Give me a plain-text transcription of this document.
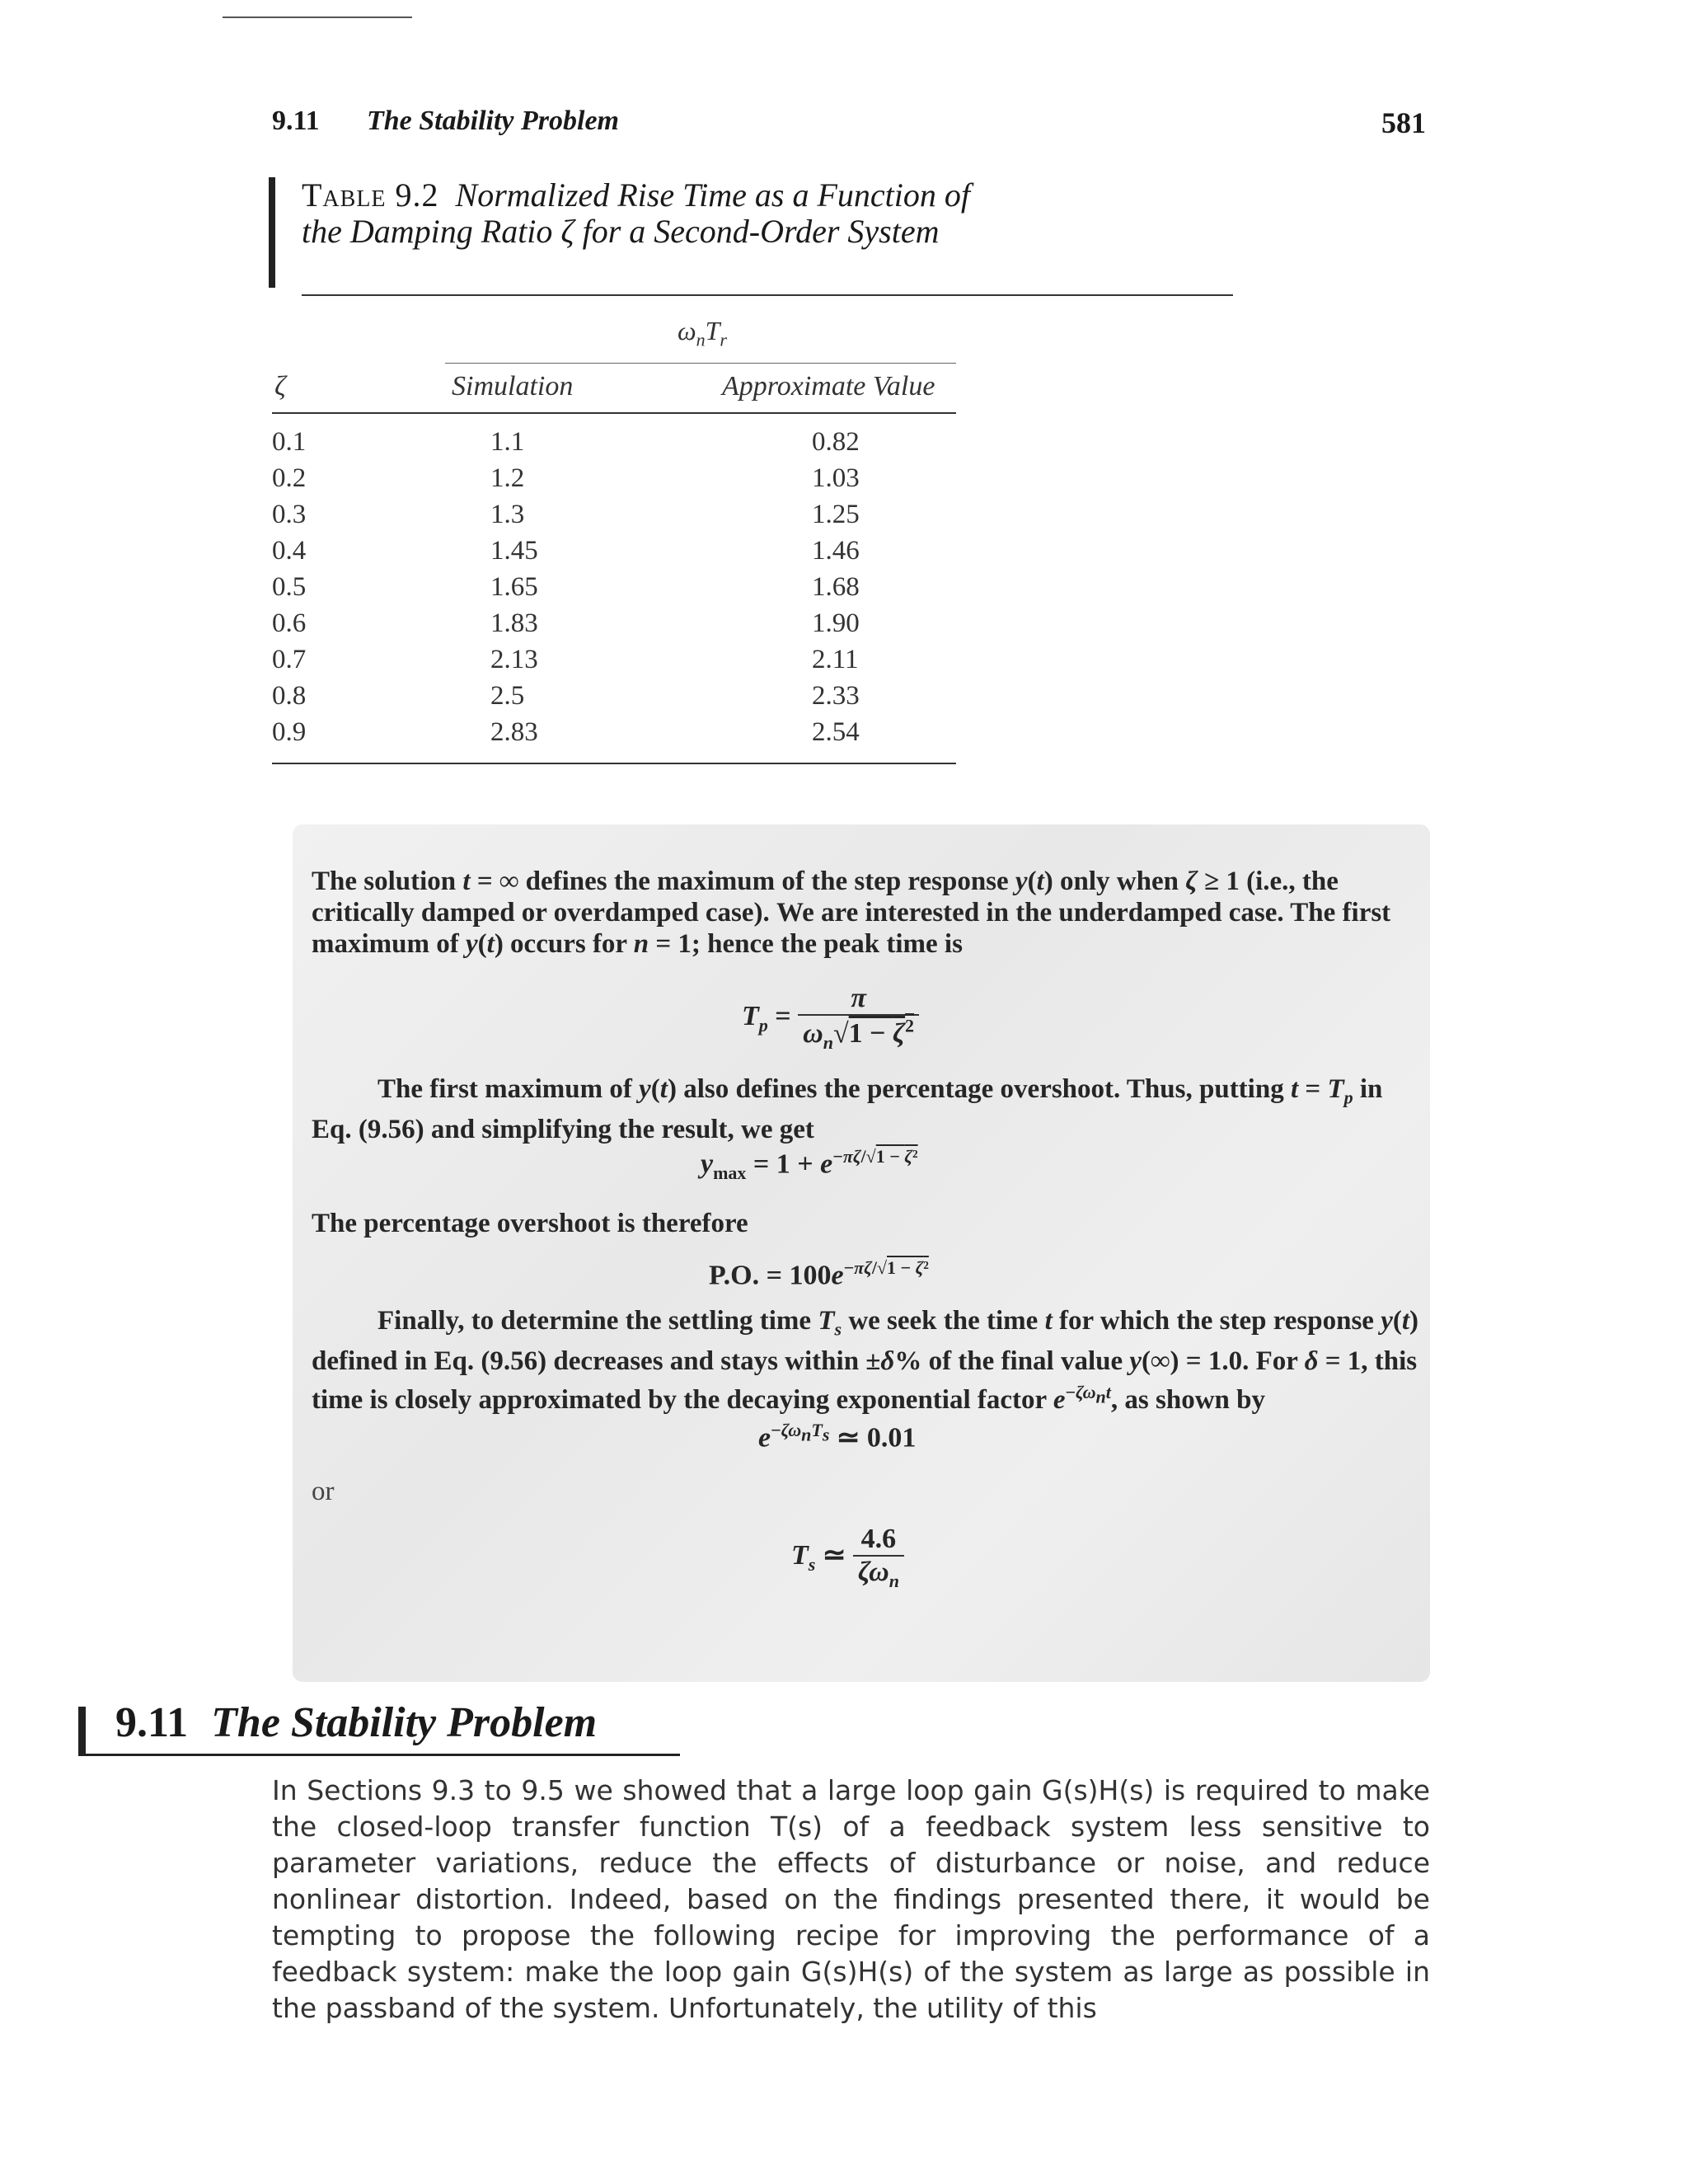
9.11 The Stability Problem	581
Table 9.2 Normalized Rise Time as a Function of the Damping Ratio ζ for a Second-Order System
$\omega_nT_r$
ζ	Simulation	Approximate Value
0.1	1.1	0.82
0.2	1.2	1.03
0.3	1.3	1.25
0.4	1.45	1.46
0.5	1.65	1.68
0.6	1.83	1.90
0.7	2.13	2.11
0.8	2.5	2.33
0.9	2.83	2.54
The solution t = ∞ defines the maximum of the step response y(t) only when ζ ≥ 1 (i.e., the critically damped or overdamped case). We are interested in the underdamped case. The first maximum of y(t) occurs for n = 1; hence the peak time is
$T_p = \frac{\pi}{\omega_n√1 - \zeta^2}$
The first maximum of y(t) also defines the percentage overshoot. Thus, putting $t = T_p$ in Eq. (9.56) and simplifying the result, we get
$y_{max} = 1 + e^{-\pi\zeta/√1 - \zeta^2}$
The percentage overshoot is therefore
P.O. = $100e^{-\pi\zeta/√1 - \zeta^2}$
Finally, to determine the settling time $T_s$ we seek the time t for which the step response y(t) defined in Eq. (9.56) decreases and stays within ±δ% of the final value y(∞) = 1.0. For δ = 1, this time is closely approximated by the decaying exponential factor $e^{-\zeta\omega_nt}$, as shown by
$e^{-\zeta\omega_nT_s}$ ≃ 0.01
or
$T_s$ ≃ $\frac{4.6}{\zeta\omega_n}$
9.11 The Stability Problem
In Sections 9.3 to 9.5 we showed that a large loop gain G(s)H(s) is required to make the closed-loop transfer function T(s) of a feedback system less sensitive to parameter variations, reduce the effects of disturbance or noise, and reduce nonlinear distortion. Indeed, based on the findings presented there, it would be tempting to propose the following recipe for improving the performance of a feedback system: make the loop gain G(s)H(s) of the system as large as possible in the passband of the system. Unfortunately, the utility of this
